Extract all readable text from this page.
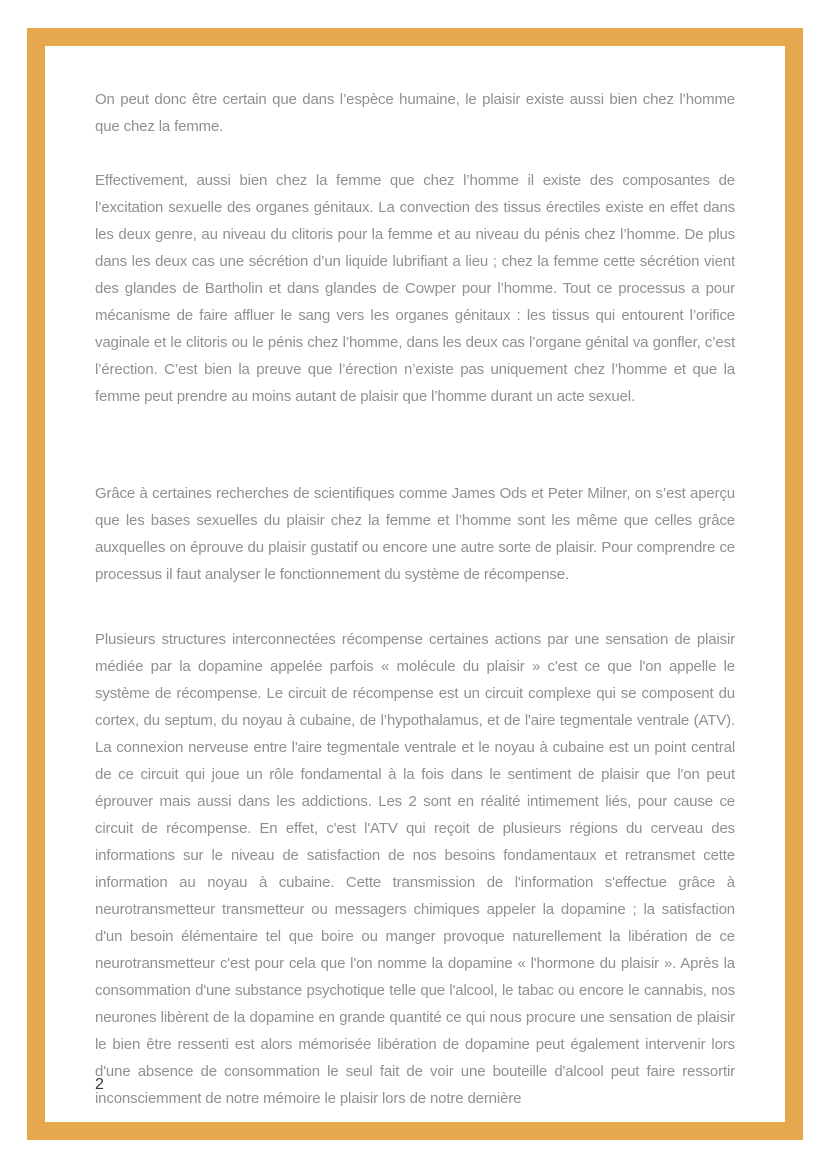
On peut donc être certain que dans l’espèce humaine, le plaisir existe aussi bien chez l’homme que chez la femme.

Effectivement, aussi bien chez la femme que chez l’homme il existe des composantes de l’excitation sexuelle des organes génitaux. La convection des tissus érectiles existe en effet dans les deux genre, au niveau du clitoris pour la femme et au niveau du pénis chez l’homme. De plus dans les deux cas une sécrétion d’un liquide lubrifiant a lieu ; chez la femme cette sécrétion vient des glandes de Bartholin et dans glandes de Cowper pour l’homme. Tout ce processus a pour mécanisme de faire affluer le sang vers les organes génitaux : les tissus qui entourent l’orifice vaginale et le clitoris ou le pénis chez l’homme, dans les deux cas l’organe génital va gonfler, c’est l’érection. C’est bien la preuve que l’érection n’existe pas uniquement chez l’homme et que la femme peut prendre au moins autant de plaisir que l’homme durant un acte sexuel.

Grâce à certaines recherches de scientifiques comme James Ods et Peter Milner, on s’est aperçu que les bases sexuelles du plaisir chez la femme et l’homme sont les même que celles grâce auxquelles on éprouve du plaisir gustatif ou encore une autre sorte de plaisir. Pour comprendre ce processus il faut analyser le fonctionnement du système de récompense.

Plusieurs structures interconnectées récompense certaines actions par une sensation de plaisir médiée par la dopamine appelée parfois « molécule du plaisir » c'est ce que l'on appelle le système de récompense. Le circuit de récompense est un circuit complexe qui se composent du cortex, du septum, du noyau à cubaine, de l’hypothalamus, et de l'aire tegmentale ventrale (ATV). La connexion nerveuse entre l'aire tegmentale ventrale et le noyau à cubaine est un point central de ce circuit qui joue un rôle fondamental à la fois dans le sentiment de plaisir que l'on peut éprouver mais aussi dans les addictions. Les 2 sont en réalité intimement liés, pour cause ce circuit de récompense. En effet, c'est l'ATV qui reçoit de plusieurs régions du cerveau des informations sur le niveau de satisfaction de nos besoins fondamentaux et retransmet cette information au noyau à cubaine. Cette transmission de l'information s'effectue grâce à neurotransmetteur transmetteur ou messagers chimiques appeler la dopamine ; la satisfaction d'un besoin élémentaire tel que boire ou manger provoque naturellement la libération de ce neurotransmetteur c'est pour cela que l'on nomme la dopamine « l'hormone du plaisir ». Après la consommation d'une substance psychotique telle que l'alcool, le tabac ou encore le cannabis, nos neurones libèrent de la dopamine en grande quantité ce qui nous procure une sensation de plaisir le bien être ressenti est alors mémorisée libération de dopamine peut également intervenir lors d'une absence de consommation le seul fait de voir une bouteille d'alcool peut faire ressortir inconsciemment de notre mémoire le plaisir lors de notre dernière

2
